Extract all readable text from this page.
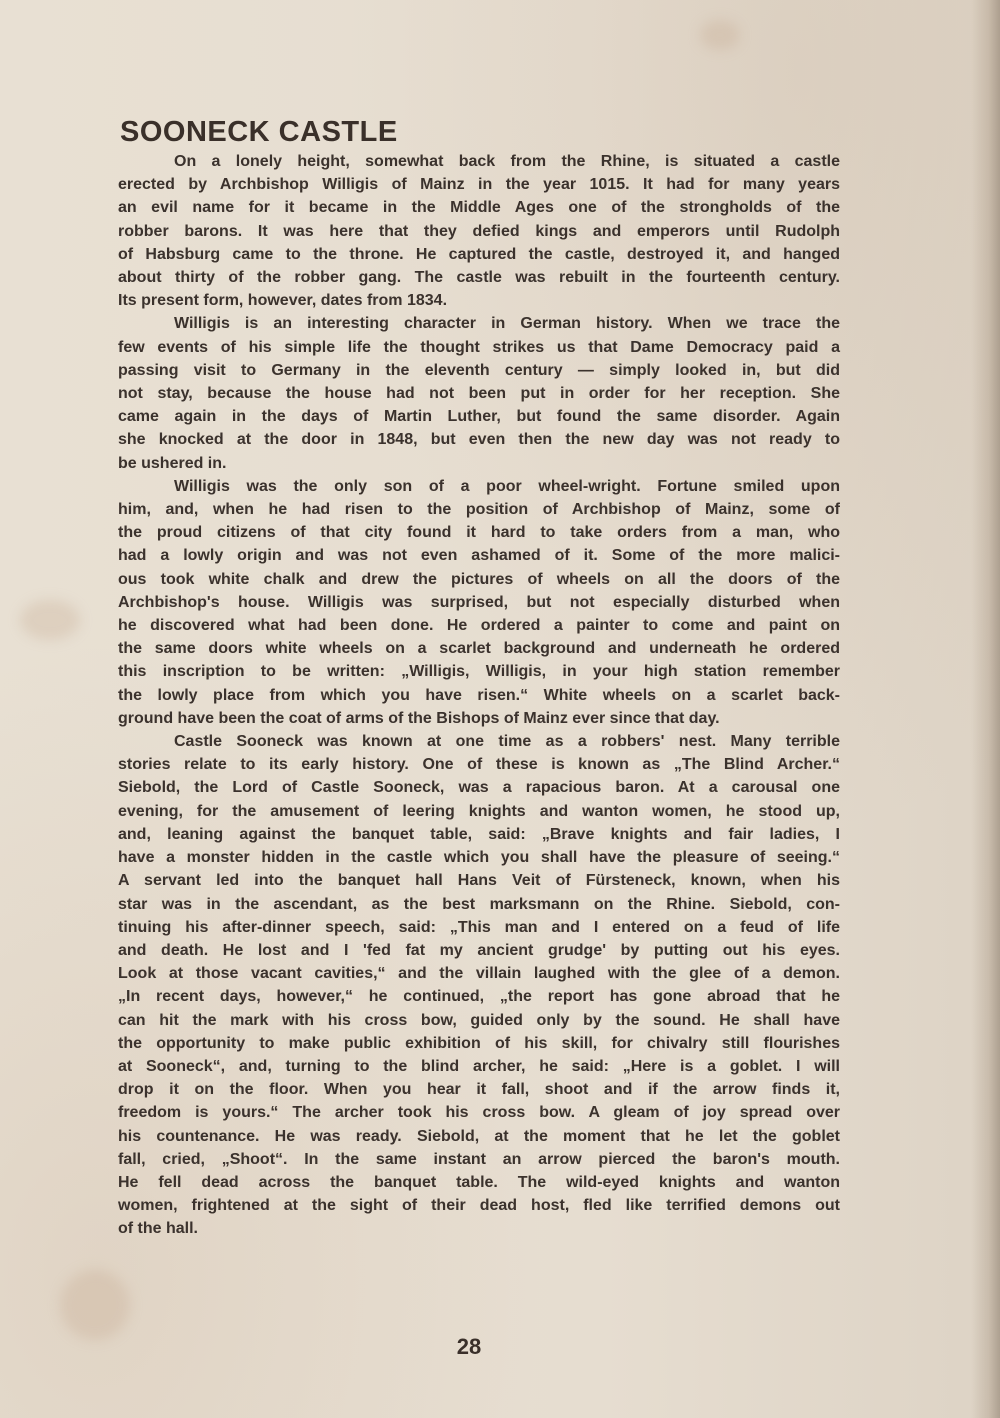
SOONECK CASTLE
On a lonely height, somewhat back from the Rhine, is situated a castle
erected by Archbishop Willigis of Mainz in the year 1015. It had for many years
an evil name for it became in the Middle Ages one of the strongholds of the
robber barons. It was here that they defied kings and emperors until Rudolph
of Habsburg came to the throne. He captured the castle, destroyed it, and hanged
about thirty of the robber gang. The castle was rebuilt in the fourteenth century.
Its present form, however, dates from 1834.
Willigis is an interesting character in German history. When we trace the
few events of his simple life the thought strikes us that Dame Democracy paid a
passing visit to Germany in the eleventh century — simply looked in, but did
not stay, because the house had not been put in order for her reception. She
came again in the days of Martin Luther, but found the same disorder. Again
she knocked at the door in 1848, but even then the new day was not ready to
be ushered in.
Willigis was the only son of a poor wheel-wright. Fortune smiled upon
him, and, when he had risen to the position of Archbishop of Mainz, some of
the proud citizens of that city found it hard to take orders from a man, who
had a lowly origin and was not even ashamed of it. Some of the more malici-
ous took white chalk and drew the pictures of wheels on all the doors of the
Archbishop's house. Willigis was surprised, but not especially disturbed when
he discovered what had been done. He ordered a painter to come and paint on
the same doors white wheels on a scarlet background and underneath he ordered
this inscription to be written: „Willigis, Willigis, in your high station remember
the lowly place from which you have risen.“ White wheels on a scarlet back-
ground have been the coat of arms of the Bishops of Mainz ever since that day.
Castle Sooneck was known at one time as a robbers' nest. Many terrible
stories relate to its early history. One of these is known as „The Blind Archer.“
Siebold, the Lord of Castle Sooneck, was a rapacious baron. At a carousal one
evening, for the amusement of leering knights and wanton women, he stood up,
and, leaning against the banquet table, said: „Brave knights and fair ladies, I
have a monster hidden in the castle which you shall have the pleasure of seeing.“
A servant led into the banquet hall Hans Veit of Fürsteneck, known, when his
star was in the ascendant, as the best marksmann on the Rhine. Siebold, con-
tinuing his after-dinner speech, said: „This man and I entered on a feud of life
and death. He lost and I 'fed fat my ancient grudge' by putting out his eyes.
Look at those vacant cavities,“ and the villain laughed with the glee of a demon.
„In recent days, however,“ he continued, „the report has gone abroad that he
can hit the mark with his cross bow, guided only by the sound. He shall have
the opportunity to make public exhibition of his skill, for chivalry still flourishes
at Sooneck“, and, turning to the blind archer, he said: „Here is a goblet. I will
drop it on the floor. When you hear it fall, shoot and if the arrow finds it,
freedom is yours.“ The archer took his cross bow. A gleam of joy spread over
his countenance. He was ready. Siebold, at the moment that he let the goblet
fall, cried, „Shoot“. In the same instant an arrow pierced the baron's mouth.
He fell dead across the banquet table. The wild-eyed knights and wanton
women, frightened at the sight of their dead host, fled like terrified demons out
of the hall.
28
